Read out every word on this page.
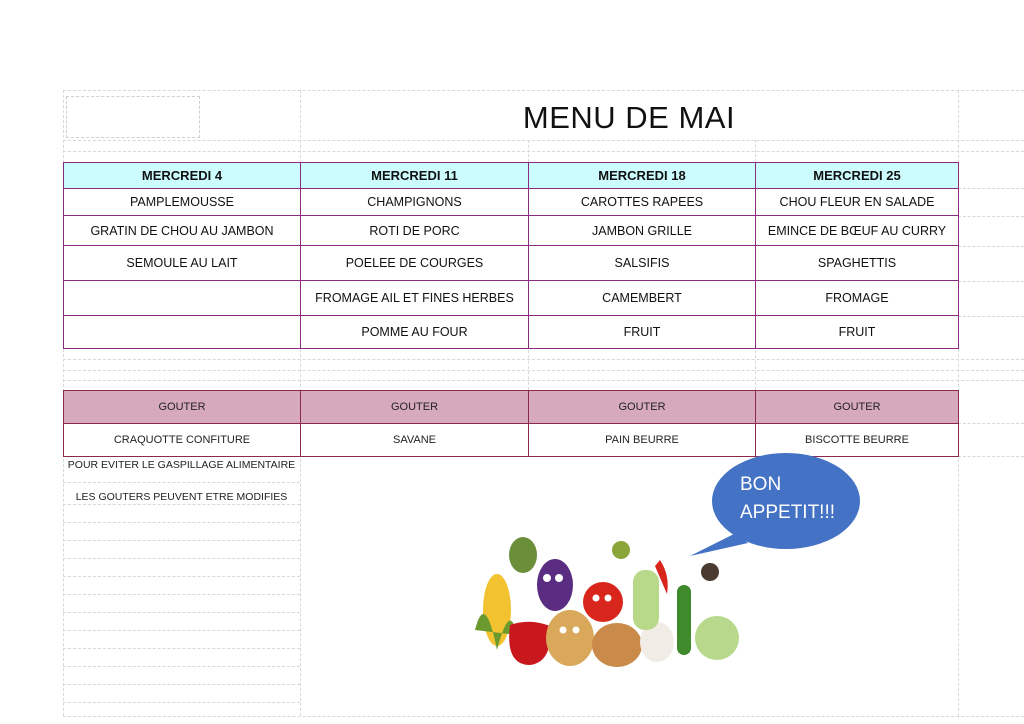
MENU DE MAI
MERCREDI 4	MERCREDI 11	MERCREDI 18	MERCREDI 25
PAMPLEMOUSSE	CHAMPIGNONS	CAROTTES RAPEES	CHOU FLEUR EN SALADE
GRATIN DE CHOU AU JAMBON	ROTI DE PORC	JAMBON GRILLE	EMINCE DE BŒUF AU CURRY
SEMOULE AU LAIT	POELEE DE COURGES	SALSIFIS	SPAGHETTIS
	FROMAGE AIL ET FINES HERBES	CAMEMBERT	FROMAGE
	POMME AU FOUR	FRUIT	FRUIT
GOUTER	GOUTER	GOUTER	GOUTER
CRAQUOTTE CONFITURE	SAVANE	PAIN BEURRE	BISCOTTE BEURRE
POUR EVITER LE GASPILLAGE ALIMENTAIRE
LES GOUTERS PEUVENT ETRE MODIFIES
BON
APPETIT!!!
